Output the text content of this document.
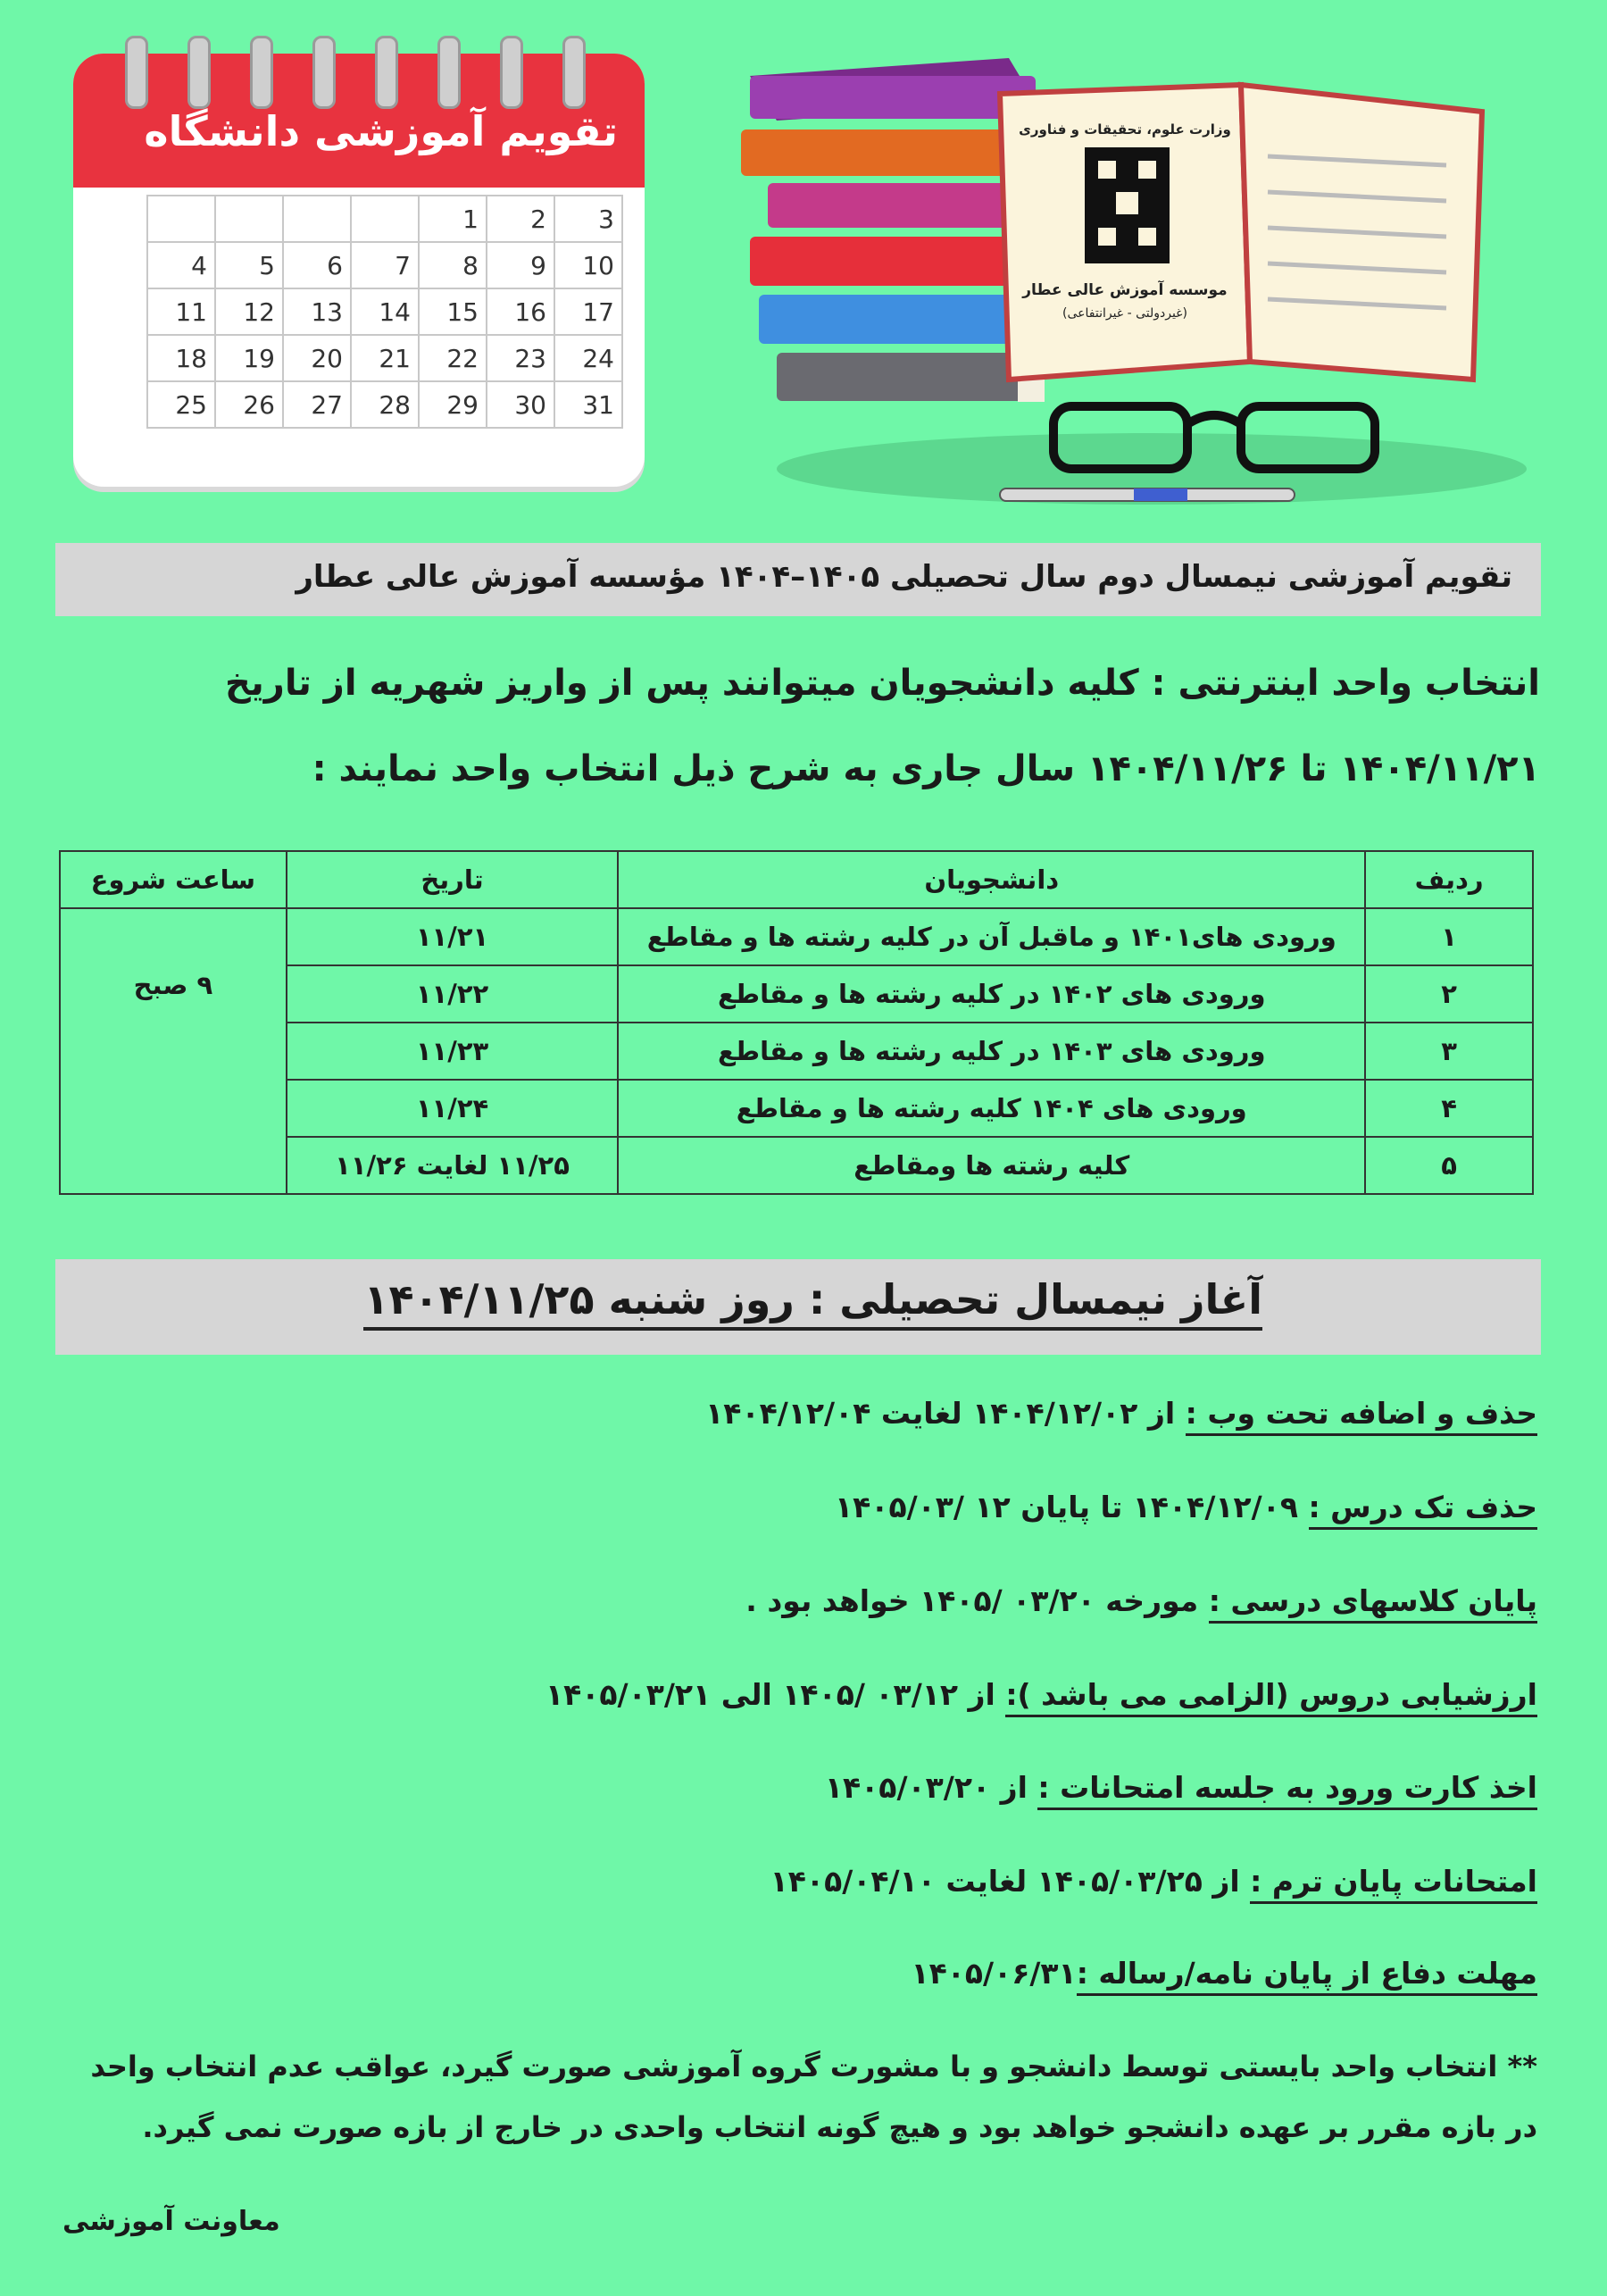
تقویم آموزشی دانشگاه
				1	2	3
4	5	6	7	8	9	10
11	12	13	14	15	16	17
18	19	20	21	22	23	24
25	26	27	28	29	30	31
وزارت علوم، تحقیقات و فناوری
موسسه آموزش عالی عطار
(غیردولتی - غیرانتفاعی)
تقویم آموزشی نیمسال دوم سال تحصیلی ۱۴۰۵–۱۴۰۴ مؤسسه آموزش عالی عطار
انتخاب واحد اینترنتی : کلیه دانشجویان میتوانند پس از واریز شهریه از تاریخ
۱۴۰۴/۱۱/۲۱ تا ۱۴۰۴/۱۱/۲۶ سال جاری به شرح ذیل انتخاب واحد نمایند :
ردیف	دانشجویان	تاریخ	ساعت شروع
۱	ورودی های۱۴۰۱ و ماقبل آن در کلیه رشته ها و مقاطع	۱۱/۲۱	۹ صبح
۲	ورودی های ۱۴۰۲ در کلیه رشته ها و مقاطع	۱۱/۲۲	
۳	ورودی های ۱۴۰۳ در کلیه رشته ها و مقاطع	۱۱/۲۳	
۴	ورودی های ۱۴۰۴ کلیه رشته ها و مقاطع	۱۱/۲۴	
۵	کلیه رشته ها ومقاطع	۱۱/۲۵ لغایت ۱۱/۲۶	
آغاز نیمسال تحصیلی : روز شنبه ۱۴۰۴/۱۱/۲۵
حذف و اضافه تحت وب : از ۱۴۰۴/۱۲/۰۲ لغایت ۱۴۰۴/۱۲/۰۴
حذف تک درس : ۱۴۰۴/۱۲/۰۹ تا پایان ۱۲ /۱۴۰۵/۰۳
پایان کلاسهای درسی : مورخه ۰۳/۲۰ /۱۴۰۵ خواهد بود .
ارزشیابی دروس (الزامی می باشد ): از ۰۳/۱۲ /۱۴۰۵ الی ۱۴۰۵/۰۳/۲۱
اخذ کارت ورود به جلسه امتحانات : از ۱۴۰۵/۰۳/۲۰
امتحانات پایان ترم : از ۱۴۰۵/۰۳/۲۵ لغایت ۱۴۰۵/۰۴/۱۰
مهلت دفاع از پایان نامه/رساله :۱۴۰۵/۰۶/۳۱
** انتخاب واحد بایستی توسط دانشجو و با مشورت گروه آموزشی صورت گیرد، عواقب عدم انتخاب واحد
در بازه مقرر بر عهده دانشجو خواهد بود و هیچ گونه انتخاب واحدی در خارج از بازه صورت نمی گیرد.
معاونت آموزشی
